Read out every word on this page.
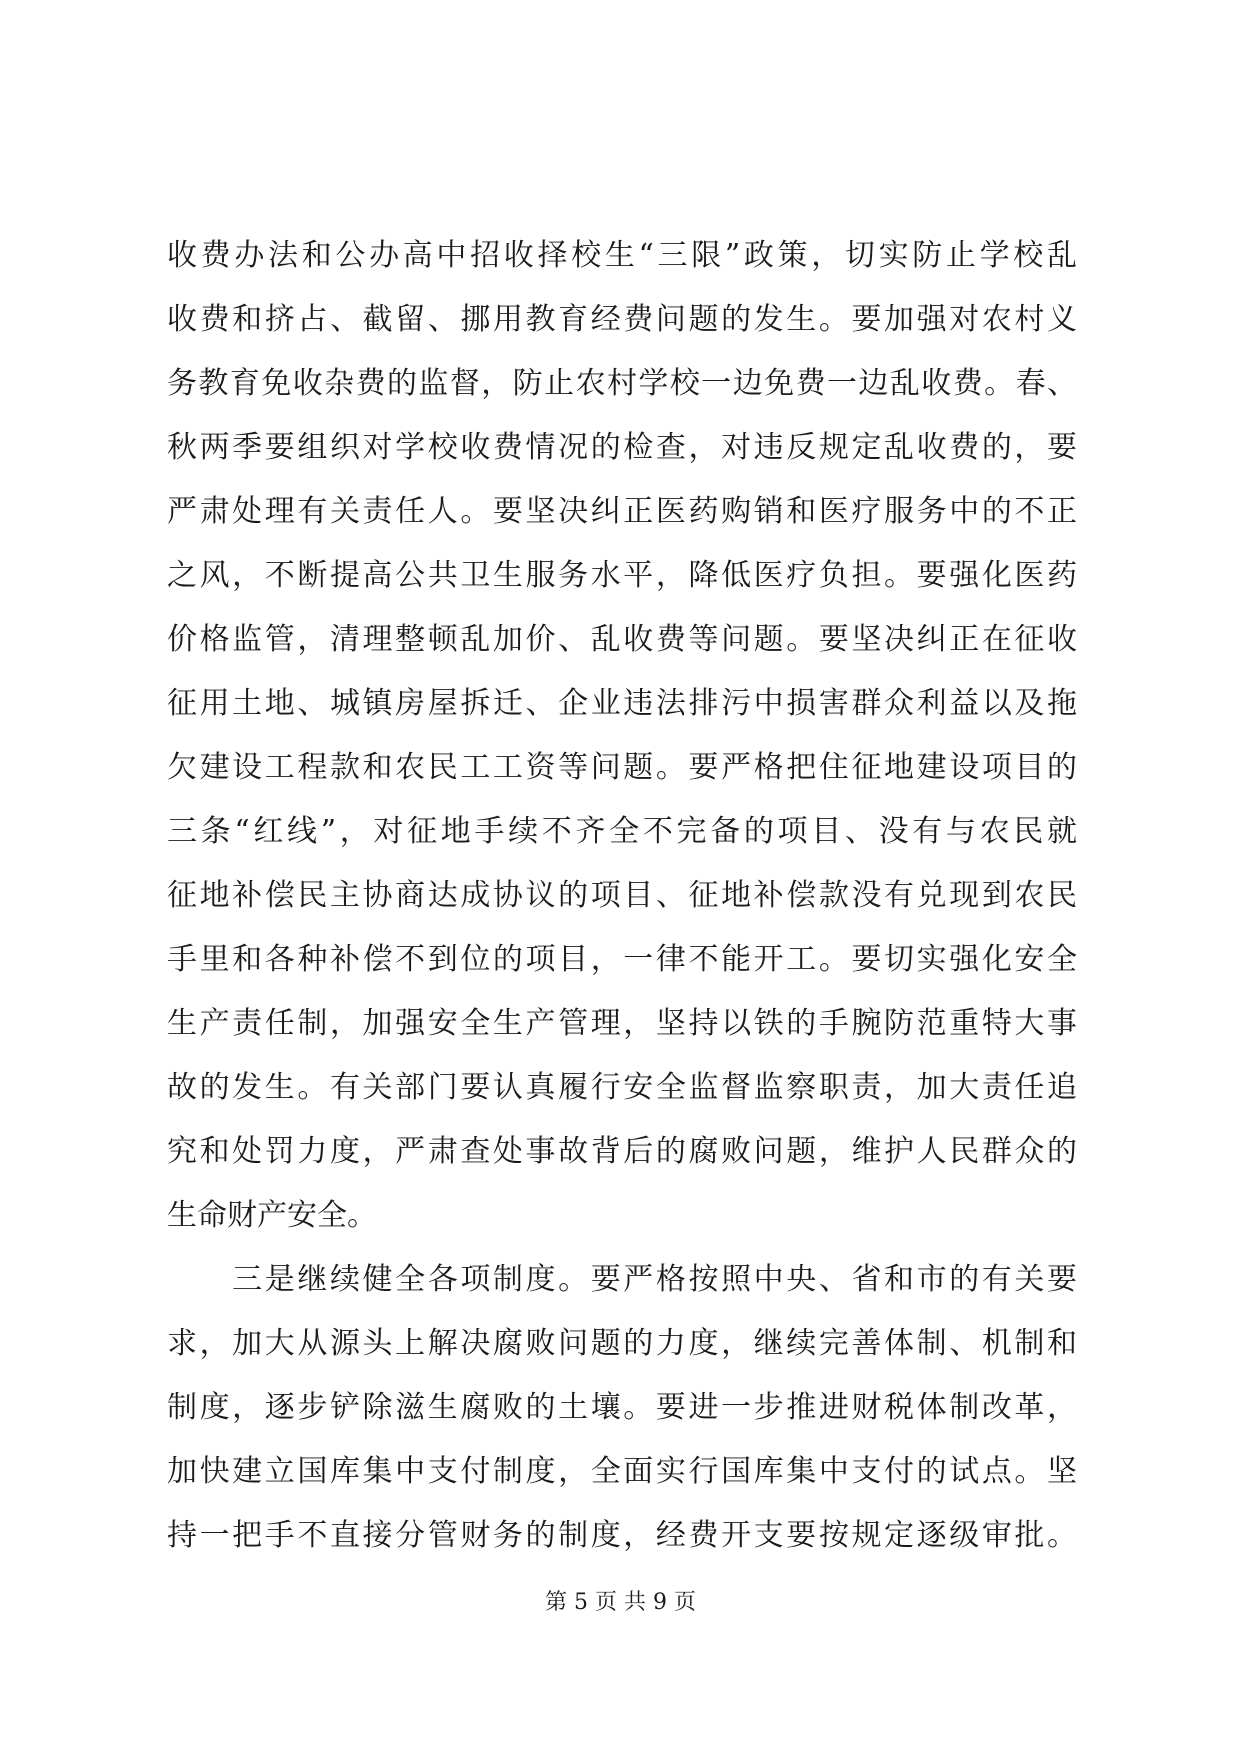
收费办法和公办高中招收择校生“三限”政策，切实防止学校乱
收费和挤占、截留、挪用教育经费问题的发生。要加强对农村义
务教育免收杂费的监督，防止农村学校一边免费一边乱收费。春、
秋两季要组织对学校收费情况的检查，对违反规定乱收费的，要
严肃处理有关责任人。要坚决纠正医药购销和医疗服务中的不正
之风，不断提高公共卫生服务水平，降低医疗负担。要强化医药
价格监管，清理整顿乱加价、乱收费等问题。要坚决纠正在征收
征用土地、城镇房屋拆迁、企业违法排污中损害群众利益以及拖
欠建设工程款和农民工工资等问题。要严格把住征地建设项目的
三条“红线”，对征地手续不齐全不完备的项目、没有与农民就
征地补偿民主协商达成协议的项目、征地补偿款没有兑现到农民
手里和各种补偿不到位的项目，一律不能开工。要切实强化安全
生产责任制，加强安全生产管理，坚持以铁的手腕防范重特大事
故的发生。有关部门要认真履行安全监督监察职责，加大责任追
究和处罚力度，严肃查处事故背后的腐败问题，维护人民群众的
生命财产安全。
　　三是继续健全各项制度。要严格按照中央、省和市的有关要
求，加大从源头上解决腐败问题的力度，继续完善体制、机制和
制度，逐步铲除滋生腐败的土壤。要进一步推进财税体制改革，
加快建立国库集中支付制度，全面实行国库集中支付的试点。坚
持一把手不直接分管财务的制度，经费开支要按规定逐级审批。
第 5 页 共 9 页
